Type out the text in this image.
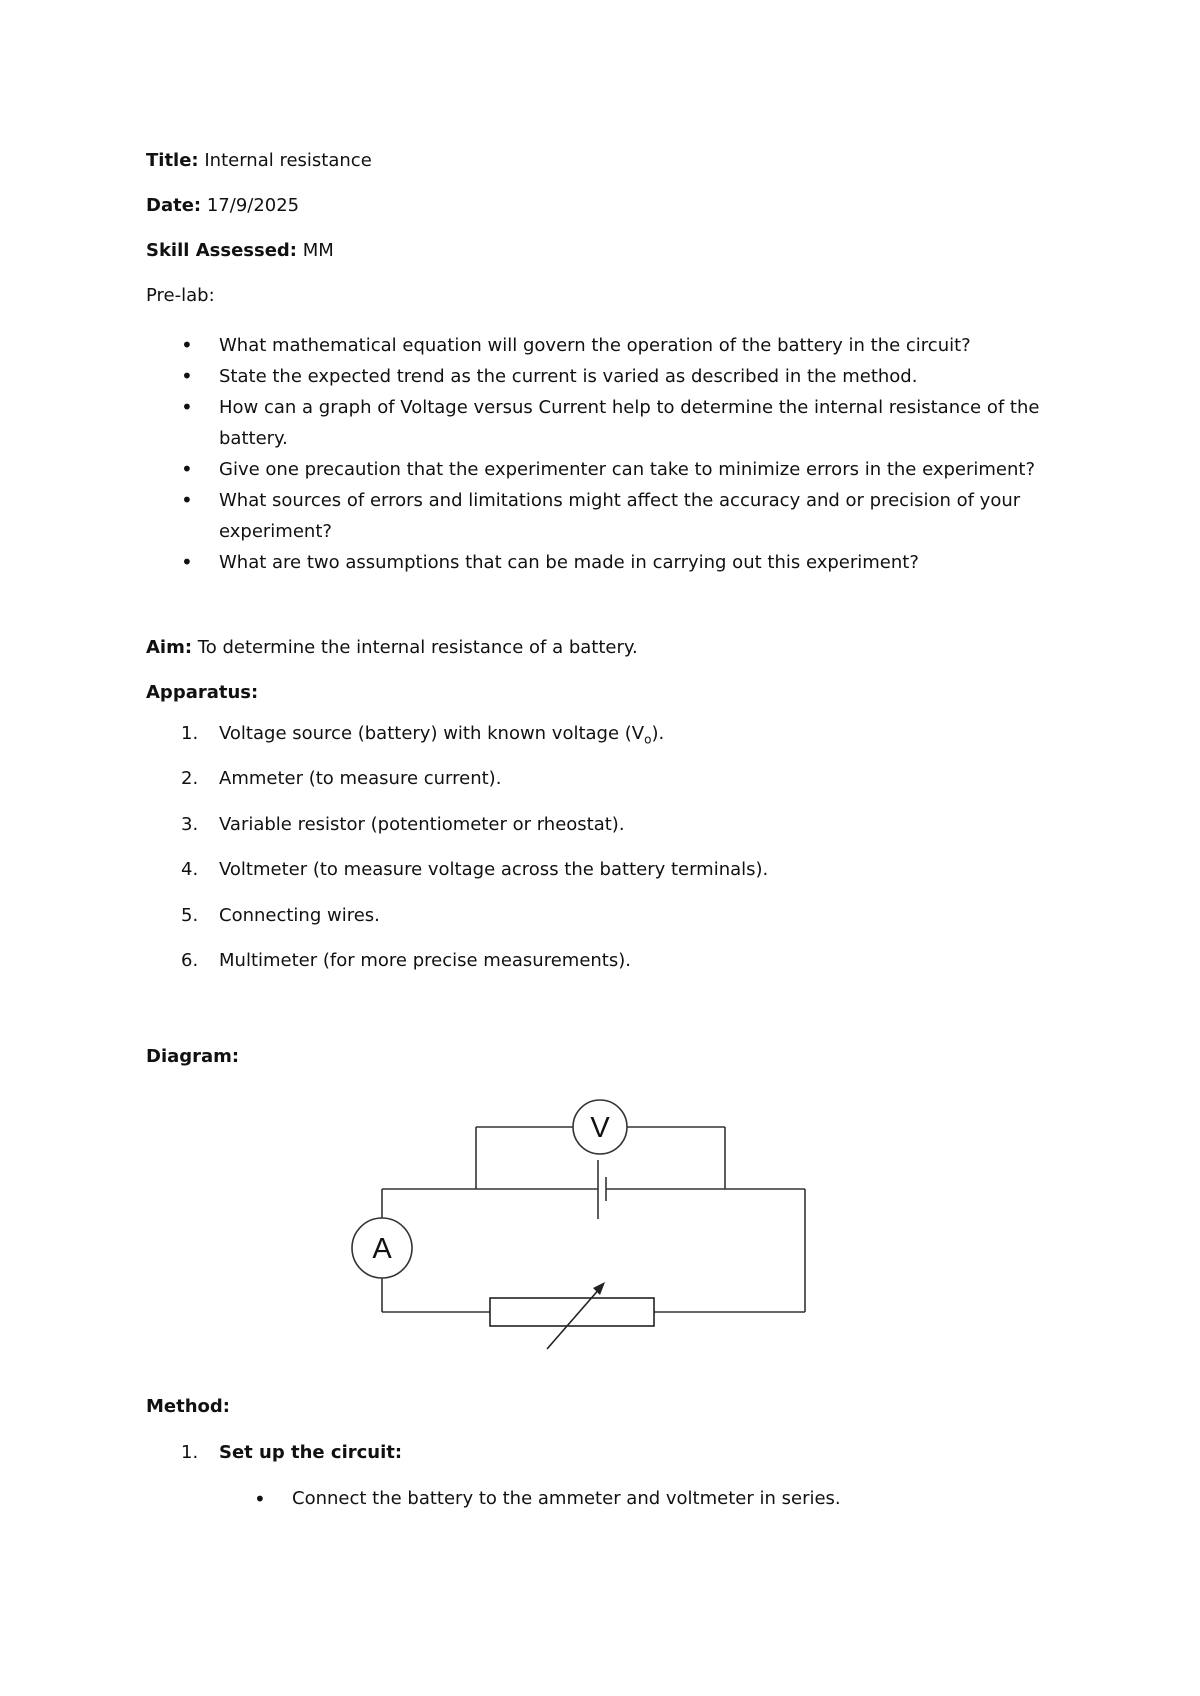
Title: Internal resistance
Date: 17/9/2025
Skill Assessed: MM
Pre-lab:
• What mathematical equation will govern the operation of the battery in the circuit?
• State the expected trend as the current is varied as described in the method.
• How can a graph of Voltage versus Current help to determine the internal resistance of the battery.
• Give one precaution that the experimenter can take to minimize errors in the experiment?
• What sources of errors and limitations might affect the accuracy and or precision of your experiment?
• What are two assumptions that can be made in carrying out this experiment?
Aim: To determine the internal resistance of a battery.
Apparatus:
1. Voltage source (battery) with known voltage $(V_o)$.
2. Ammeter (to measure current).
3. Variable resistor (potentiometer or rheostat).
4. Voltmeter (to measure voltage across the battery terminals).
5. Connecting wires.
6. Multimeter (for more precise measurements).
Diagram:
V
A
Method:
1. Set up the circuit:
• Connect the battery to the ammeter and voltmeter in series.
